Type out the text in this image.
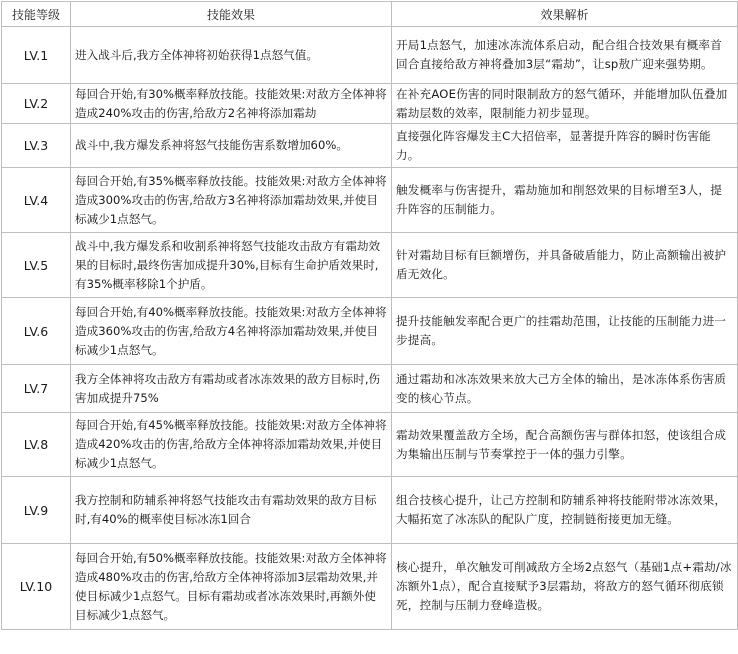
技能等级	技能效果	效果解析
LV.1	进入战斗后,我方全体神将初始获得1点怒气值。	开局1点怒气，加速冰冻流体系启动，配合组合技效果有概率首回合直接给敌方神将叠加3层“霜劫”，让sp敖广迎来强势期。
LV.2	每回合开始,有30%概率释放技能。技能效果:对敌方全体神将造成240%攻击的伤害,给敌方2名神将添加霜劫	在补充AOE伤害的同时限制敌方的怒气循环，并能增加队伍叠加霜劫层数的效率，限制能力初步显现。
LV.3	战斗中,我方爆发系神将怒气技能伤害系数增加60%。	直接强化阵容爆发主C大招倍率，显著提升阵容的瞬时伤害能力。
LV.4	每回合开始,有35%概率释放技能。技能效果:对敌方全体神将造成300%攻击的伤害,给敌方3名神将添加霜劫效果,并使目标减少1点怒气。	触发概率与伤害提升，霜劫施加和削怒效果的目标增至3人，提升阵容的压制能力。
LV.5	战斗中,我方爆发系和收割系神将怒气技能攻击敌方有霜劫效果的目标时,最终伤害加成提升30%,目标有生命护盾效果时,有35%概率移除1个护盾。	针对霜劫目标有巨额增伤，并具备破盾能力，防止高额输出被护盾无效化。
LV.6	每回合开始,有40%概率释放技能。技能效果:对敌方全体神将造成360%攻击的伤害,给敌方4名神将添加霜劫效果,并使目标减少1点怒气。	提升技能触发率配合更广的挂霜劫范围，让技能的压制能力进一步提高。
LV.7	我方全体神将攻击敌方有霜劫或者冰冻效果的敌方目标时,伤害加成提升75%	通过霜劫和冰冻效果来放大己方全体的输出，是冰冻体系伤害质变的核心节点。
LV.8	每回合开始,有45%概率释放技能。技能效果:对敌方全体神将造成420%攻击的伤害,给敌方全体神将添加霜劫效果,并使目标减少1点怒气。	霜劫效果覆盖敌方全场，配合高额伤害与群体扣怒，使该组合成为集输出压制与节奏掌控于一体的强力引擎。
LV.9	我方控制和防辅系神将怒气技能攻击有霜劫效果的敌方目标时,有40%的概率使目标冰冻1回合	组合技核心提升，让己方控制和防辅系神将技能附带冰冻效果，大幅拓宽了冰冻队的配队广度，控制链衔接更加无缝。
LV.10	每回合开始,有50%概率释放技能。技能效果:对敌方全体神将造成480%攻击的伤害,给敌方全体神将添加3层霜劫效果,并使目标减少1点怒气。目标有霜劫或者冰冻效果时,再额外使目标减少1点怒气。	核心提升，单次触发可削减敌方全场2点怒气（基础1点+霜劫/冰冻额外1点），配合直接赋予3层霜劫，将敌方的怒气循环彻底锁死，控制与压制力登峰造极。
